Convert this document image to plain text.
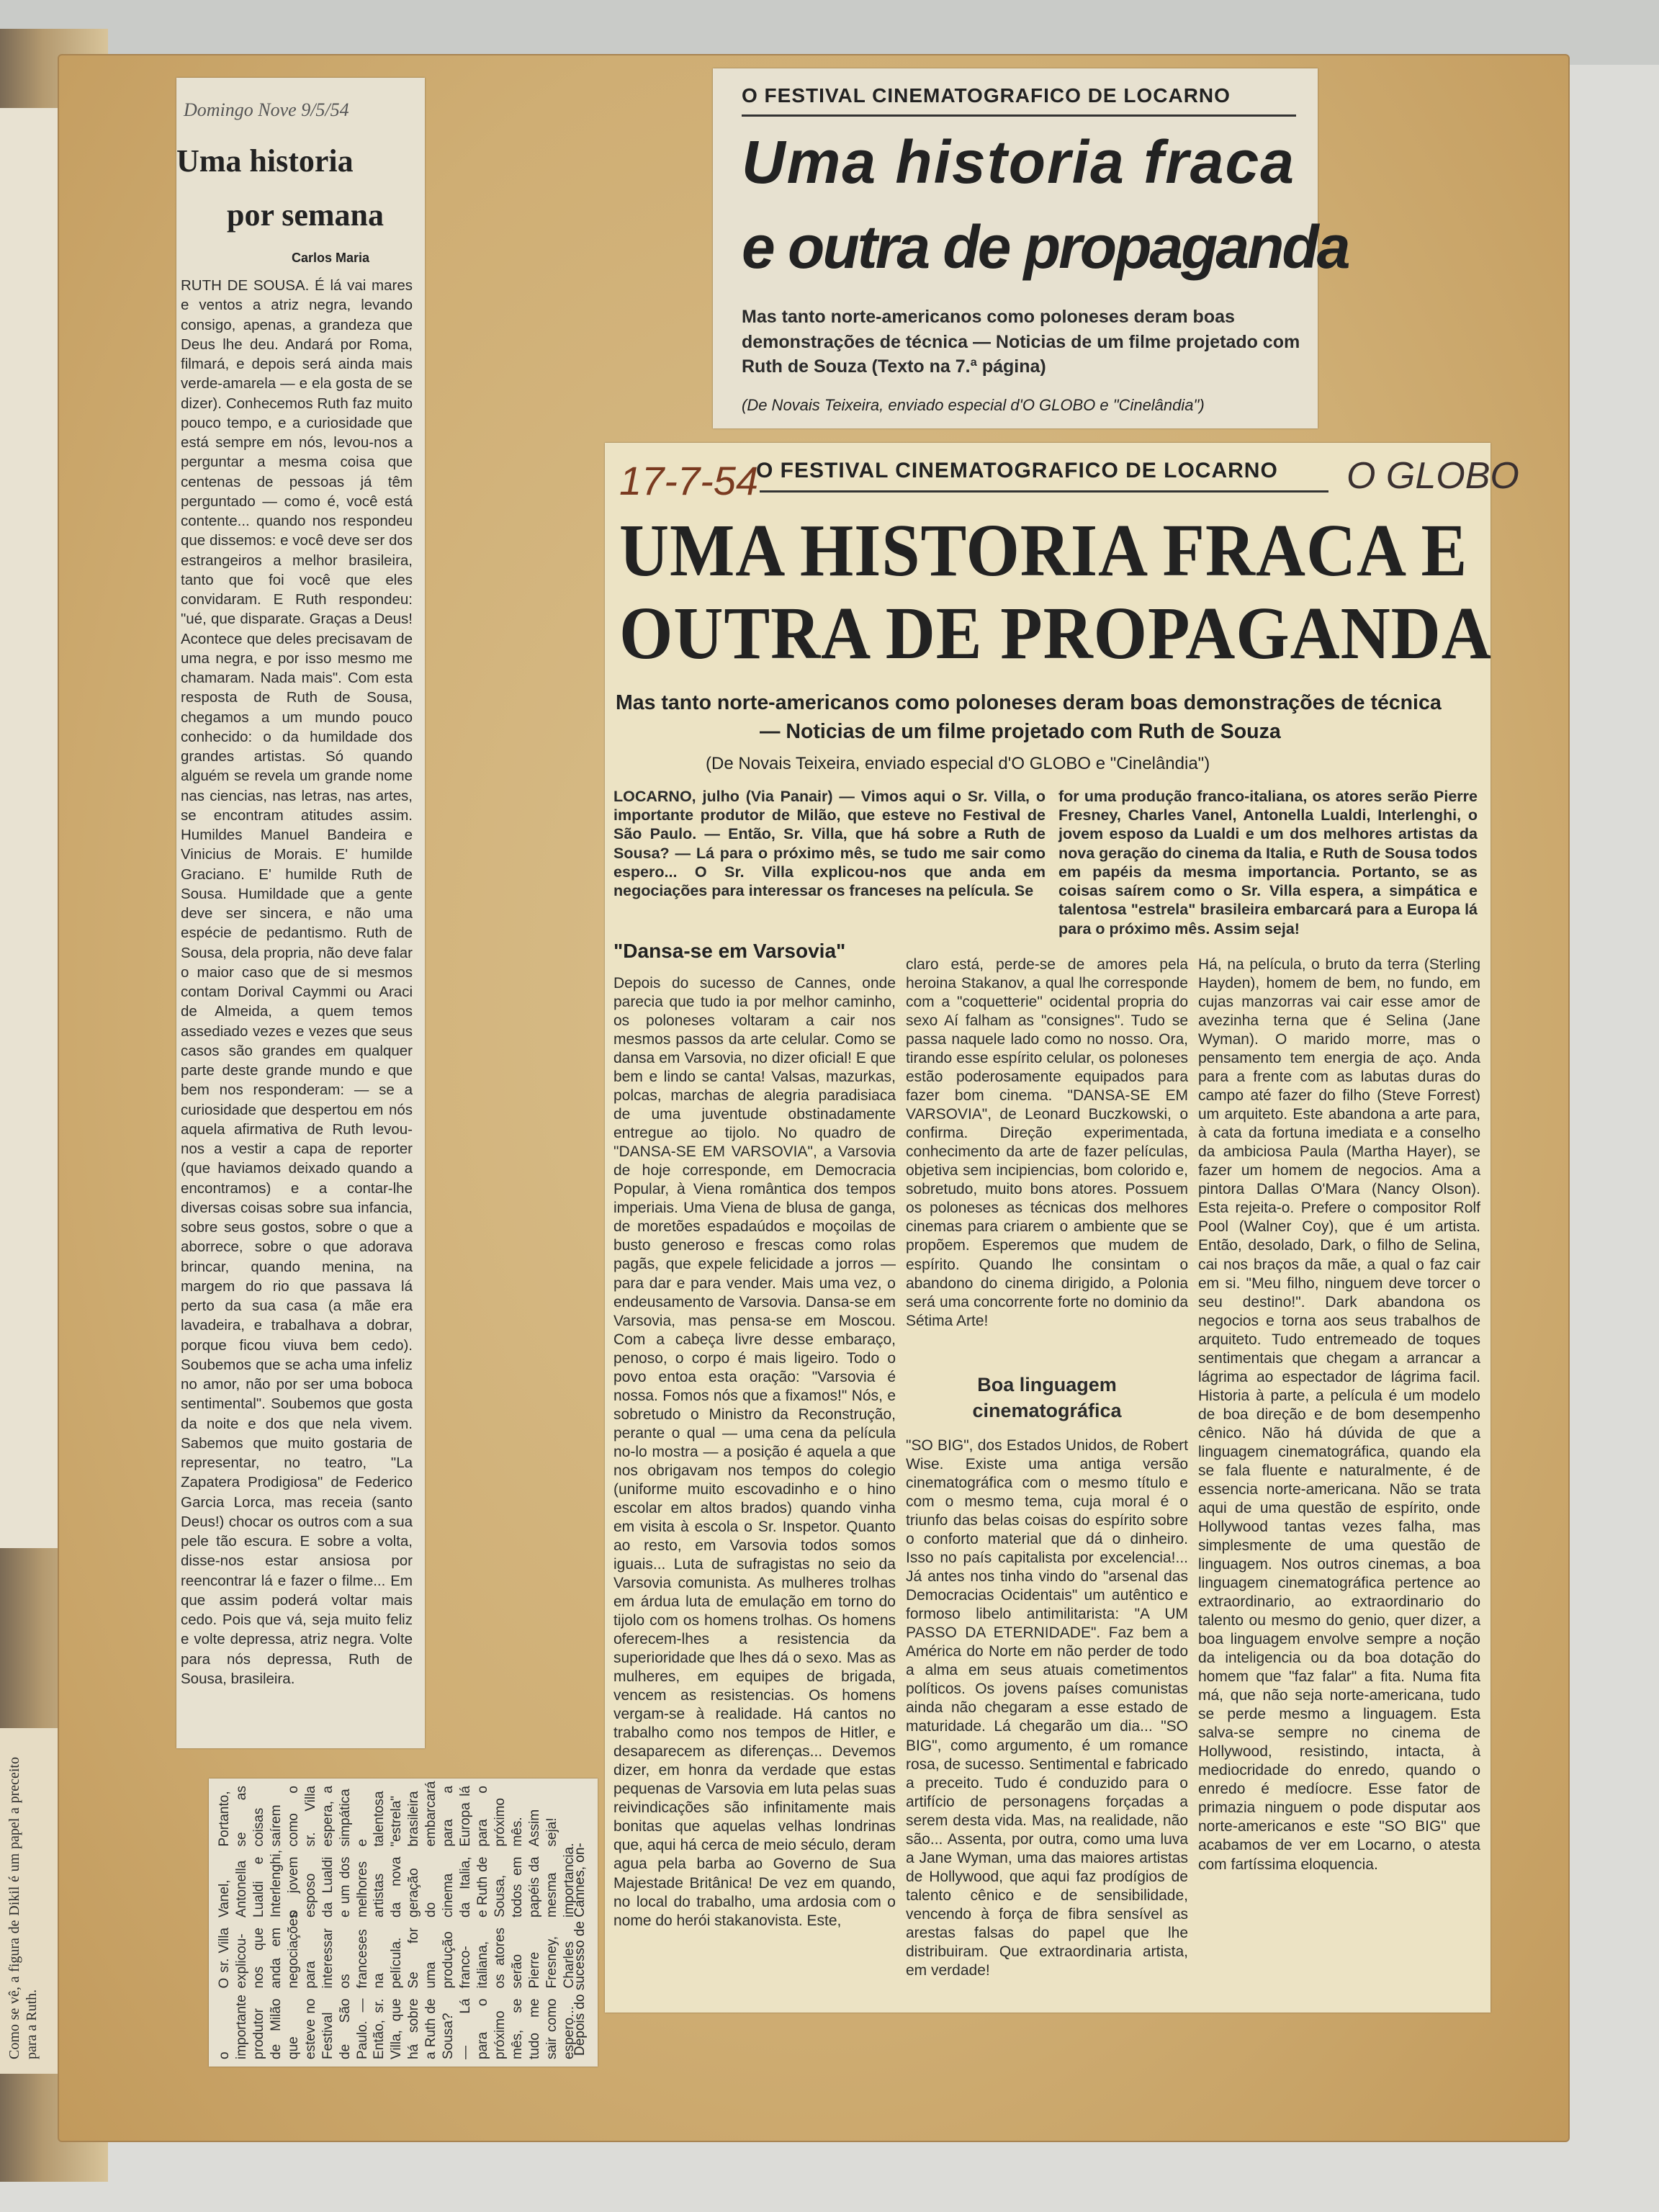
Como se vê, a figura de Dikil é um papel a preceito para a Ruth.
Domingo Nove 9/5/54
Uma historia
por semana
Carlos Maria
RUTH DE SOUSA. É lá vai mares e ventos a atriz negra, levando consigo, apenas, a grandeza que Deus lhe deu. Andará por Roma, filmará, e depois será ainda mais verde-amarela — e ela gosta de se dizer). Conhecemos Ruth faz muito pouco tempo, e a curiosidade que está sempre em nós, levou-nos a perguntar a mesma coisa que centenas de pessoas já têm perguntado — como é, você está contente... quando nos respondeu que dissemos: e você deve ser dos estrangeiros a melhor brasileira, tanto que foi você que eles convidaram. E Ruth respondeu: "ué, que disparate. Graças a Deus! Acontece que deles precisavam de uma negra, e por isso mesmo me chamaram. Nada mais". Com esta resposta de Ruth de Sousa, chegamos a um mundo pouco conhecido: o da humildade dos grandes artistas. Só quando alguém se revela um grande nome nas ciencias, nas letras, nas artes, se encontram atitudes assim. Humildes Manuel Bandeira e Vinicius de Morais. E' humilde Graciano. E' humilde Ruth de Sousa. Humildade que a gente deve ser sincera, e não uma espécie de pedantismo. Ruth de Sousa, dela propria, não deve falar o maior caso que de si mesmos contam Dorival Caymmi ou Araci de Almeida, a quem temos assediado vezes e vezes que seus casos são grandes em qualquer parte deste grande mundo e que bem nos responderam: — se a curiosidade que despertou em nós aquela afirmativa de Ruth levou-nos a vestir a capa de reporter (que haviamos deixado quando a encontramos) e a contar-lhe diversas coisas sobre sua infancia, sobre seus gostos, sobre o que a aborrece, sobre o que adorava brincar, quando menina, na margem do rio que passava lá perto da sua casa (a mãe era lavadeira, e trabalhava a dobrar, porque ficou viuva bem cedo). Soubemos que se acha uma infeliz no amor, não por ser uma boboca sentimental". Soubemos que gosta da noite e dos que nela vivem. Sabemos que muito gostaria de representar, no teatro, "La Zapatera Prodigiosa" de Federico Garcia Lorca, mas receia (santo Deus!) chocar os outros com a sua pele tão escura. E sobre a volta, disse-nos estar ansiosa por reencontrar lá e fazer o filme... Em que assim poderá voltar mais cedo. Pois que vá, seja muito feliz e volte depressa, atriz negra. Volte para nós depressa, Ruth de Sousa, brasileira.
O FESTIVAL CINEMATOGRAFICO DE LOCARNO
Uma historia fraca
e outra de propaganda
Mas tanto norte-americanos como poloneses deram boas demonstrações de técnica — Noticias de um filme projetado com Ruth de Souza (Texto na 7.ª página)
(De Novais Teixeira, enviado especial d'O GLOBO e "Cinelândia")
17-7-54
O FESTIVAL CINEMATOGRAFICO DE LOCARNO O GLOBO
UMA HISTORIA FRACA E
OUTRA DE PROPAGANDA
Mas tanto norte-americanos como poloneses deram boas demonstrações de técnica
— Noticias de um filme projetado com Ruth de Souza
(De Novais Teixeira, enviado especial d'O GLOBO e "Cinelândia")
LOCARNO, julho (Via Panair) — Vimos aqui o Sr. Villa, o importante produtor de Milão, que esteve no Festival de São Paulo. — Então, Sr. Villa, que há sobre a Ruth de Sousa? — Lá para o próximo mês, se tudo me sair como espero... O Sr. Villa explicou-nos que anda em negociações para interessar os franceses na película. Se
for uma produção franco-italiana, os atores serão Pierre Fresney, Charles Vanel, Antonella Lualdi, Interlenghi, o jovem esposo da Lualdi e um dos melhores artistas da nova geração do cinema da Italia, e Ruth de Sousa todos em papéis da mesma importancia. Portanto, se as coisas saírem como o Sr. Villa espera, a simpática e talentosa "estrela" brasileira embarcará para a Europa lá para o próximo mês. Assim seja!
"Dansa-se em Varsovia"
Depois do sucesso de Cannes, onde parecia que tudo ia por melhor caminho, os poloneses voltaram a cair nos mesmos passos da arte celular. Como se dansa em Varsovia, no dizer oficial! E que bem e lindo se canta! Valsas, mazurkas, polcas, marchas de alegria paradisiaca de uma juventude obstinadamente entregue ao tijolo. No quadro de "DANSA-SE EM VARSOVIA", a Varsovia de hoje corresponde, em Democracia Popular, à Viena romântica dos tempos imperiais. Uma Viena de blusa de ganga, de moretões espadaúdos e moçoilas de busto generoso e frescas como rolas pagãs, que expele felicidade a jorros — para dar e para vender. Mais uma vez, o endeusamento de Varsovia. Dansa-se em Varsovia, mas pensa-se em Moscou. Com a cabeça livre desse embaraço, penoso, o corpo é mais ligeiro. Todo o povo entoa esta oração: "Varsovia é nossa. Fomos nós que a fixamos!" Nós, e sobretudo o Ministro da Reconstrução, perante o qual — uma cena da película no-lo mostra — a posição é aquela a que nos obrigavam nos tempos do colegio (uniforme muito escovadinho e o hino escolar em altos brados) quando vinha em visita à escola o Sr. Inspetor. Quanto ao resto, em Varsovia todos somos iguais... Luta de sufragistas no seio da Varsovia comunista. As mulheres trolhas em árdua luta de emulação em torno do tijolo com os homens trolhas. Os homens oferecem-lhes a resistencia da superioridade que lhes dá o sexo. Mas as mulheres, em equipes de brigada, vencem as resistencias. Os homens vergam-se à realidade. Há cantos no trabalho como nos tempos de Hitler, e desaparecem as diferenças... Devemos dizer, em honra da verdade que estas pequenas de Varsovia em luta pelas suas reivindicações são infinitamente mais bonitas que aquelas velhas londrinas que, aqui há cerca de meio século, deram agua pela barba ao Governo de Sua Majestade Britânica! De vez em quando, no local do trabalho, uma ardosia com o nome do herói stakanovista. Este,
claro está, perde-se de amores pela heroina Stakanov, a qual lhe corresponde com a "coquetterie" ocidental propria do sexo Aí falham as "consignes". Tudo se passa naquele lado como no nosso. Ora, tirando esse espírito celular, os poloneses estão poderosamente equipados para fazer bom cinema. "DANSA-SE EM VARSOVIA", de Leonard Buczkowski, o confirma. Direção experimentada, conhecimento da arte de fazer películas, objetiva sem incipiencias, bom colorido e, sobretudo, muito bons atores. Possuem os poloneses as técnicas dos melhores cinemas para criarem o ambiente que se propõem. Esperemos que mudem de espírito. Quando lhe consintam o abandono do cinema dirigido, a Polonia será uma concorrente forte no dominio da Sétima Arte!
Boa linguagem cinematográfica
"SO BIG", dos Estados Unidos, de Robert Wise. Existe uma antiga versão cinematográfica com o mesmo título e com o mesmo tema, cuja moral é o triunfo das belas coisas do espírito sobre o conforto material que dá o dinheiro. Isso no país capitalista por excelencia!... Já antes nos tinha vindo do "arsenal das Democracias Ocidentais" um autêntico e formoso libelo antimilitarista: "A UM PASSO DA ETERNIDADE". Faz bem a América do Norte em não perder de todo a alma em seus atuais cometimentos políticos. Os jovens países comunistas ainda não chegaram a esse estado de maturidade. Lá chegarão um dia... "SO BIG", como argumento, é um romance rosa, de sucesso. Sentimental e fabricado a preceito. Tudo é conduzido para o artifício de personagens forçadas a serem desta vida. Mas, na realidade, não são... Assenta, por outra, como uma luva a Jane Wyman, uma das maiores artistas de Hollywood, que aqui faz prodígios de talento cênico e de sensibilidade, vencendo à força de fibra sensível as arestas falsas do papel que lhe distribuiram. Que extraordinaria artista, em verdade!
Há, na película, o bruto da terra (Sterling Hayden), homem de bem, no fundo, em cujas manzorras vai cair esse amor de avezinha terna que é Selina (Jane Wyman). O marido morre, mas o pensamento tem energia de aço. Anda para a frente com as labutas duras do campo até fazer do filho (Steve Forrest) um arquiteto. Este abandona a arte para, à cata da fortuna imediata e a conselho da ambiciosa Paula (Martha Hayer), se fazer um homem de negocios. Ama a pintora Dallas O'Mara (Nancy Olson). Esta rejeita-o. Prefere o compositor Rolf Pool (Walner Coy), que é um artista. Então, desolado, Dark, o filho de Selina, cai nos braços da mãe, a qual o faz cair em si. "Meu filho, ninguem deve torcer o seu destino!". Dark abandona os negocios e torna aos seus trabalhos de arquiteto. Tudo entremeado de toques sentimentais que chegam a arrancar a lágrima ao espectador de lágrima facil. Historia à parte, a película é um modelo de boa direção e de bom desempenho cênico. Não há dúvida de que a linguagem cinematográfica, quando ela se fala fluente e naturalmente, é de essencia norte-americana. Não se trata aqui de uma questão de espírito, onde Hollywood tantas vezes falha, mas simplesmente de uma questão de linguagem. Nos outros cinemas, a boa linguagem cinematográfica pertence ao extraordinario, ao extraordinario do talento ou mesmo do genio, quer dizer, a boa linguagem envolve sempre a noção da inteligencia ou da boa dotação do homem que "faz falar" a fita. Numa fita má, que não seja norte-americana, tudo se perde mesmo a linguagem. Esta salva-se sempre no cinema de Hollywood, resistindo, intacta, à mediocridade do enredo, quando o enredo é medíocre. Esse fator de primazia ninguem o pode disputar aos norte-americanos e este "SO BIG" que acabamos de ver em Locarno, o atesta com fartíssima eloquencia.
o importante produtor de Milão que esteve no Festival de São Paulo. — Então, sr. Villa, que há sobre a Ruth de Sousa? — Lá para o próximo mês, se tudo me sair como espero... O sr. Villa explicou-nos que anda em negociações para interessar os franceses na película. Se for uma produção franco-italiana, os atores serão Pierre Fresney, Charles Vanel, Antonella Lualdi e Interlenghi, o jovem esposo da Lualdi e um dos melhores artistas da nova geração do cinema da Italia, e Ruth de Sousa, todos em papéis da mesma importancia. Portanto, se as coisas saírem como o sr. Villa espera, a simpática e talentosa "estrela" brasileira embarcará para a Europa lá para o próximo mês. Assim seja!
Depois do sucesso de Cannes, on-
